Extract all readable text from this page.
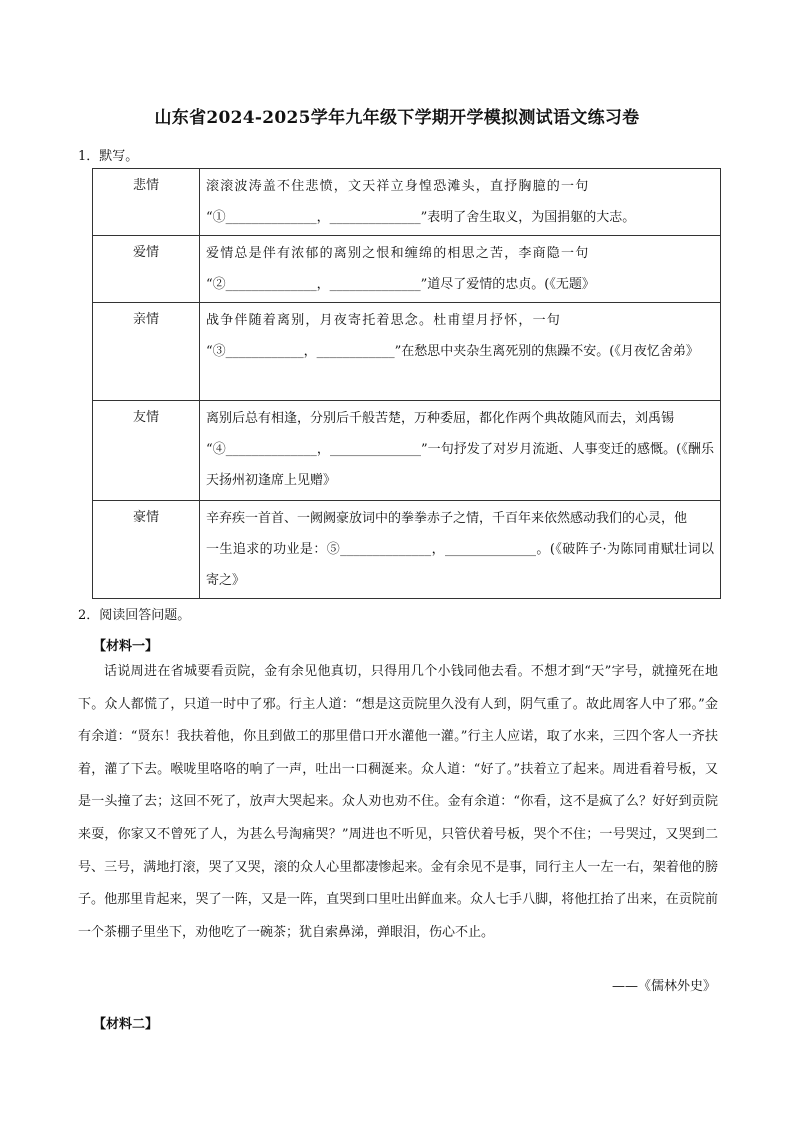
山东省2024-2025学年九年级下学期开学模拟测试语文练习卷
1．默写。
悲情	滚滚波涛盖不住悲愤，文天祥立身惶恐滩头，直抒胸臆的一句
“①______________，______________”表明了舍生取义，为国捐躯的大志。

爱情	爱情总是伴有浓郁的离别之恨和缠绵的相思之苦，李商隐一句
“②______________，______________”道尽了爱情的忠贞。(《无题》

亲情	战争伴随着离别，月夜寄托着思念。杜甫望月抒怀，一句
“③____________，____________”在愁思中夹杂生离死别的焦躁不安。(《月夜忆舍弟》

友情	离别后总有相逢，分别后千般苦楚，万种委屈，都化作两个典故随风而去，刘禹锡
“④______________，______________”一句抒发了对岁月流逝、人事变迁的感慨。(《酬乐天扬州初逢席上见赠》

豪情	辛弃疾一首首、一阙阙豪放词中的拳拳赤子之情，千百年来依然感动我们的心灵，他
一生追求的功业是：⑤______________，______________。(《破阵子·为陈同甫赋壮词以寄之》
2．阅读回答问题。
【材料一】

话说周进在省城要看贡院，金有余见他真切，只得用几个小钱同他去看。不想才到“天”字号，就撞死在地下。众人都慌了，只道一时中了邪。行主人道：“想是这贡院里久没有人到，阴气重了。故此周客人中了邪。”金有余道：“贤东！我扶着他，你且到做工的那里借口开水灌他一灌。”行主人应诺，取了水来，三四个客人一齐扶着，灌了下去。喉咙里咯咯的响了一声，吐出一口稠涎来。众人道：“好了。”扶着立了起来。周进看着号板，又是一头撞了去；这回不死了，放声大哭起来。众人劝也劝不住。金有余道：“你看，这不是疯了么？好好到贡院来耍，你家又不曾死了人，为甚么号淘痛哭？”周进也不听见，只管伏着号板，哭个不住；一号哭过，又哭到二号、三号，满地打滚，哭了又哭，滚的众人心里都凄惨起来。金有余见不是事，同行主人一左一右，架着他的膀子。他那里肯起来，哭了一阵，又是一阵，直哭到口里吐出鲜血来。众人七手八脚，将他扛抬了出来，在贡院前一个茶棚子里坐下，劝他吃了一碗茶；犹自索鼻涕，弹眼泪，伤心不止。

——《儒林外史》
【材料二】
